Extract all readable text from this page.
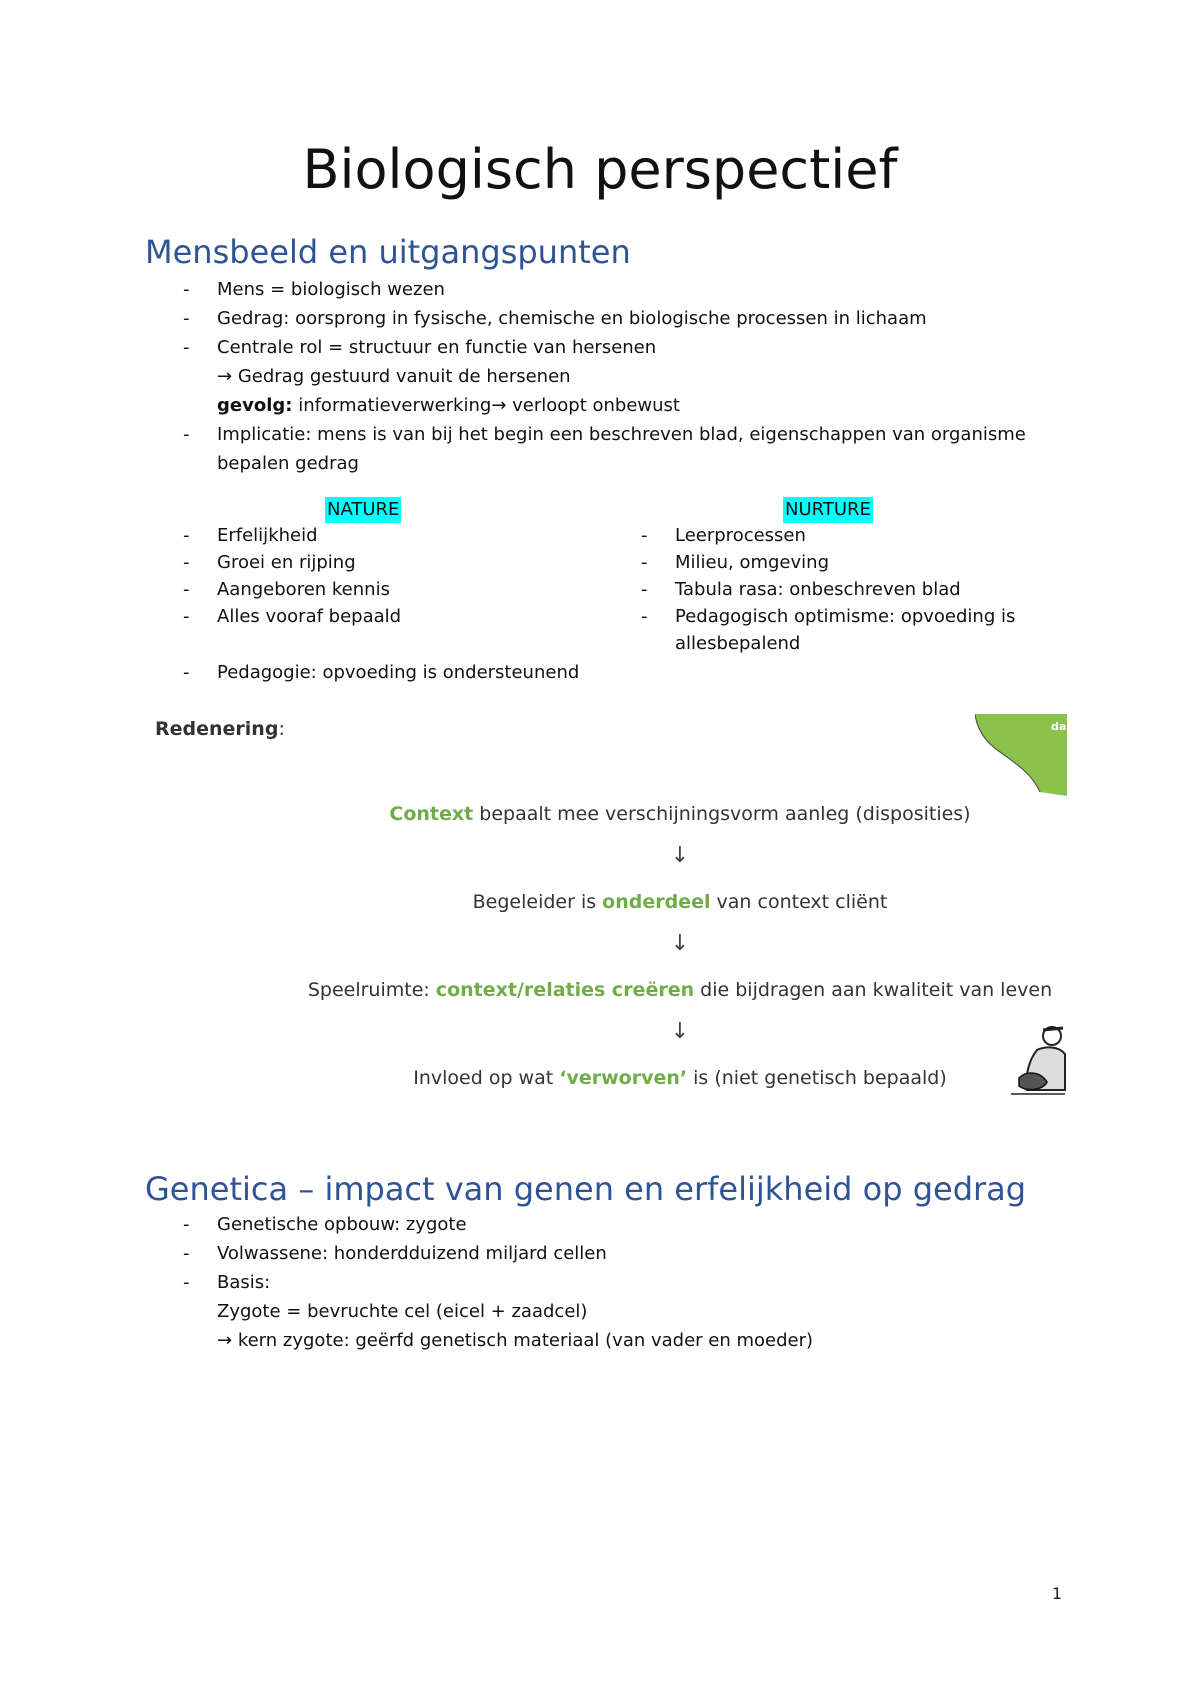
Biologisch perspectief
Mensbeeld en uitgangspunten
- Mens = biologisch wezen
- Gedrag: oorsprong in fysische, chemische en biologische processen in lichaam
- Centrale rol = structuur en functie van hersenen
→ Gedrag gestuurd vanuit de hersenen
gevolg: informatieverwerking→ verloopt onbewust
- Implicatie: mens is van bij het begin een beschreven blad, eigenschappen van organisme bepalen gedrag
NATURE	NURTURE
- Erfelijkheid
- Groei en rijping
- Aangeboren kennis
- Alles vooraf bepaald
- Leerprocessen
- Milieu, omgeving
- Tabula rasa: onbeschreven blad
- Pedagogisch optimisme: opvoeding is allesbepalend
- Pedagogie: opvoeding is ondersteunend
Redenering:	da
Context bepaalt mee verschijningsvorm aanleg (disposities)
↓
Begeleider is onderdeel van context cliënt
↓
Speelruimte: context/relaties creëren die bijdragen aan kwaliteit van leven
↓
Invloed op wat ‘verworven’ is (niet genetisch bepaald)
Genetica – impact van genen en erfelijkheid op gedrag
- Genetische opbouw: zygote
- Volwassene: honderdduizend miljard cellen
- Basis:
Zygote = bevruchte cel (eicel + zaadcel)
→ kern zygote: geërfd genetisch materiaal (van vader en moeder)
1
